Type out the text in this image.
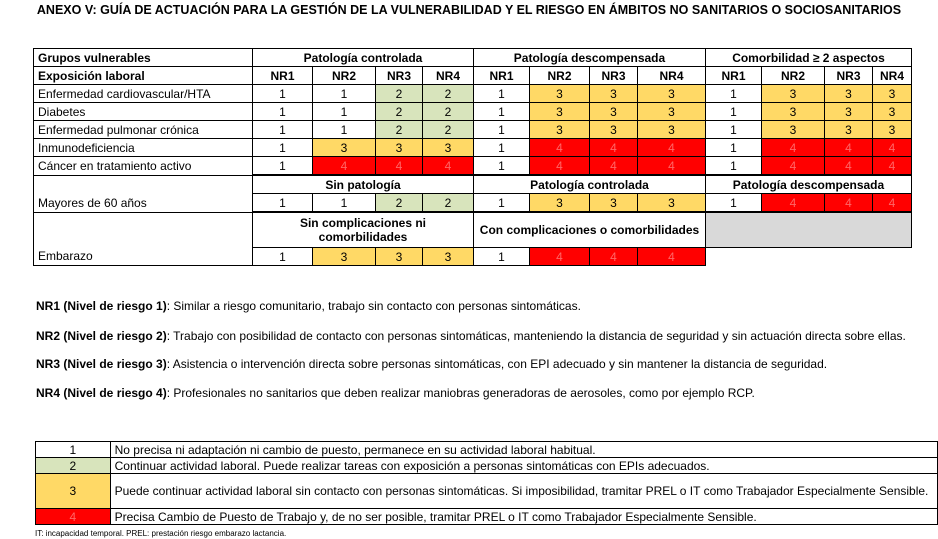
ANEXO V: GUÍA DE ACTUACIÓN PARA LA GESTIÓN DE LA VULNERABILIDAD Y EL RIESGO EN ÁMBITOS NO SANITARIOS O SOCIOSANITARIOS
Grupos vulnerables	Patología controlada				Patología descompensada				Comorbilidad ≥ 2 aspectos			
Exposición laboral	NR1	NR2	NR3	NR4	NR1	NR2	NR3	NR4	NR1	NR2	NR3	NR4
Enfermedad cardiovascular/HTA	1	1	2	2	1	3	3	3	1	3	3	3
Diabetes	1	1	2	2	1	3	3	3	1	3	3	3
Enfermedad pulmonar crónica	1	1	2	2	1	3	3	3	1	3	3	3
Inmunodeficiencia	1	3	3	3	1	4	4	4	1	4	4	4
Cáncer en tratamiento activo	1	4	4	4	1	4	4	4	1	4	4	4
	Sin patología				Patología controlada				Patología descompensada			
Mayores de 60 años	1	1	2	2	1	3	3	3	1	4	4	4
	Sin complicaciones ni comorbilidades				Con complicaciones o comorbilidades							
Embarazo	1	3	3	3	1	4	4	4				
NR1 (Nivel de riesgo 1): Similar a riesgo comunitario, trabajo sin contacto con personas sintomáticas.
NR2 (Nivel de riesgo 2): Trabajo con posibilidad de contacto con personas sintomáticas, manteniendo la distancia de seguridad y sin actuación directa sobre ellas.
NR3 (Nivel de riesgo 3): Asistencia o intervención directa sobre personas sintomáticas, con EPI adecuado y sin mantener la distancia de seguridad.
NR4 (Nivel de riesgo 4): Profesionales no sanitarios que deben realizar maniobras generadoras de aerosoles, como por ejemplo RCP.
1	No precisa ni adaptación ni cambio de puesto, permanece en su actividad laboral habitual.
2	Continuar actividad laboral. Puede realizar tareas con exposición a personas sintomáticas con EPIs adecuados.
3	Puede continuar actividad laboral sin contacto con personas sintomáticas. Si imposibilidad, tramitar PREL o IT como Trabajador Especialmente Sensible.
4	Precisa Cambio de Puesto de Trabajo y, de no ser posible, tramitar PREL o IT como Trabajador Especialmente Sensible.
IT: incapacidad temporal. PREL: prestación riesgo embarazo lactancia.
